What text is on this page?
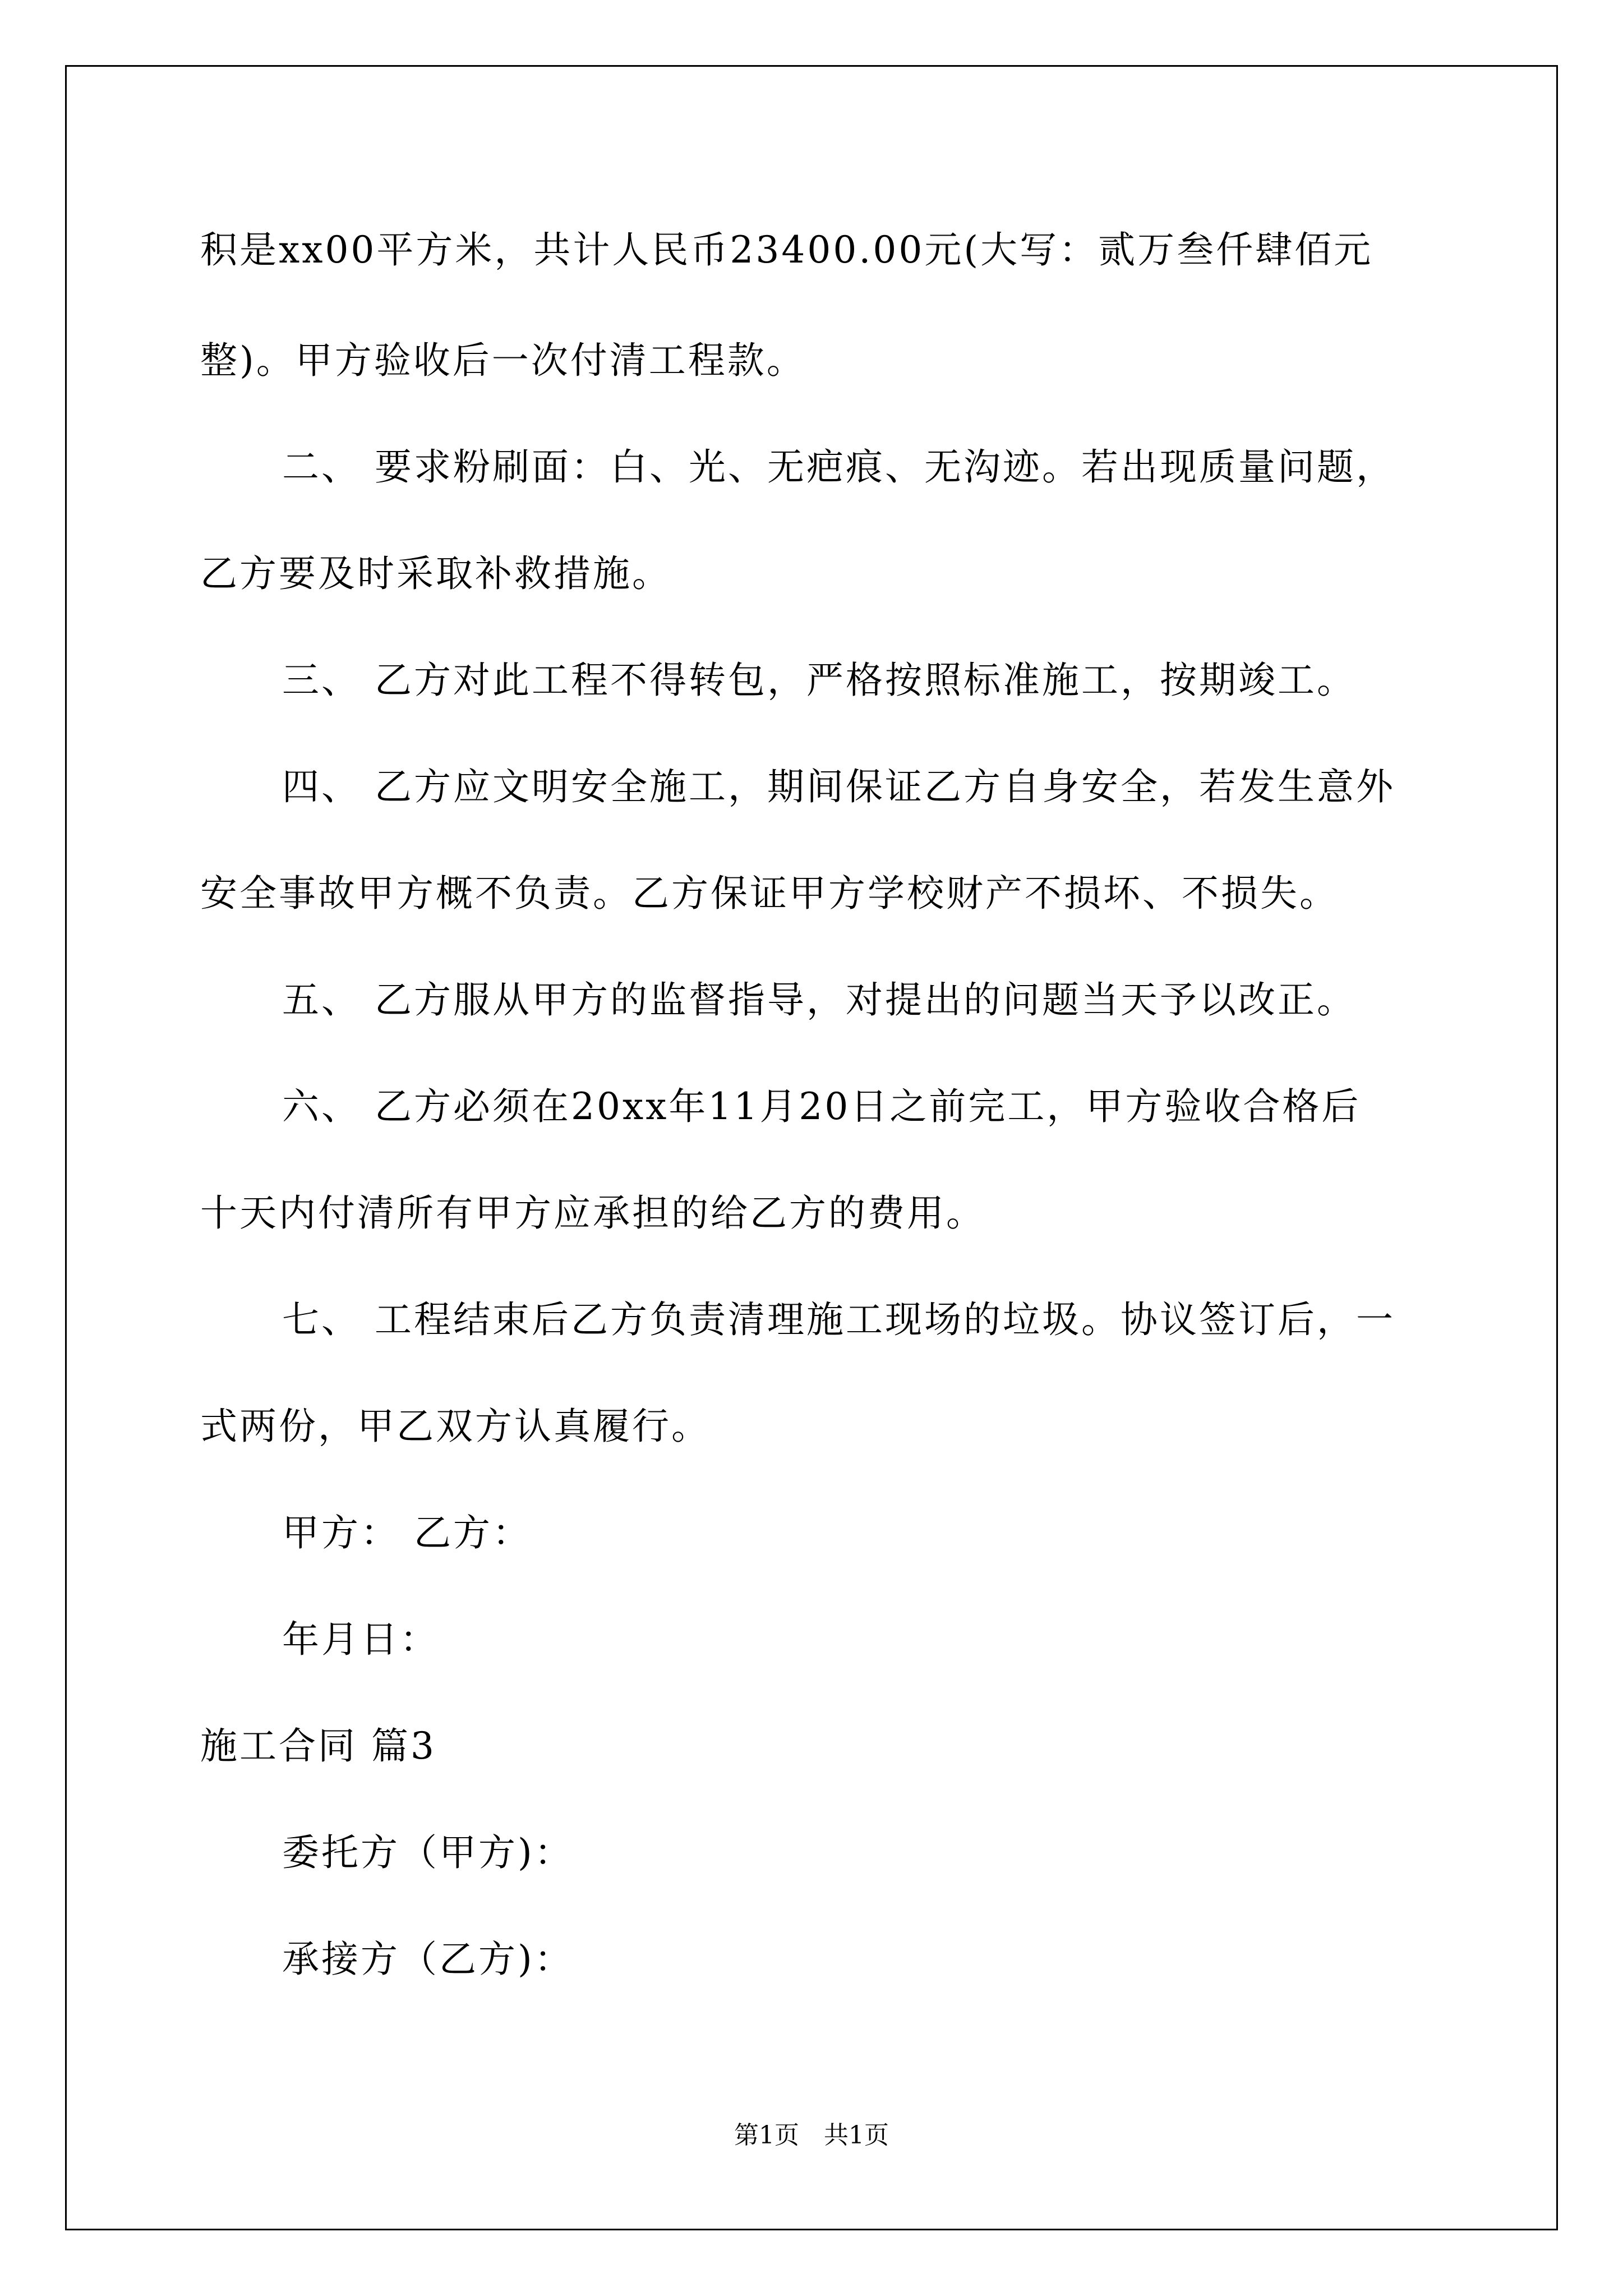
积是xx00平方米，共计人民币23400.00元(大写：贰万叁仟肆佰元
整)。甲方验收后一次付清工程款。
二、 要求粉刷面：白、光、无疤痕、无沟迹。若出现质量问题，
乙方要及时采取补救措施。
三、 乙方对此工程不得转包，严格按照标准施工，按期竣工。
四、 乙方应文明安全施工，期间保证乙方自身安全，若发生意外
安全事故甲方概不负责。乙方保证甲方学校财产不损坏、不损失。
五、 乙方服从甲方的监督指导，对提出的问题当天予以改正。
六、 乙方必须在20xx年11月20日之前完工，甲方验收合格后
十天内付清所有甲方应承担的给乙方的费用。
七、 工程结束后乙方负责清理施工现场的垃圾。协议签订后，一
式两份，甲乙双方认真履行。
甲方： 乙方：
年月日：
施工合同 篇3
委托方（甲方)：
承接方（乙方)：
第1页　共1页
